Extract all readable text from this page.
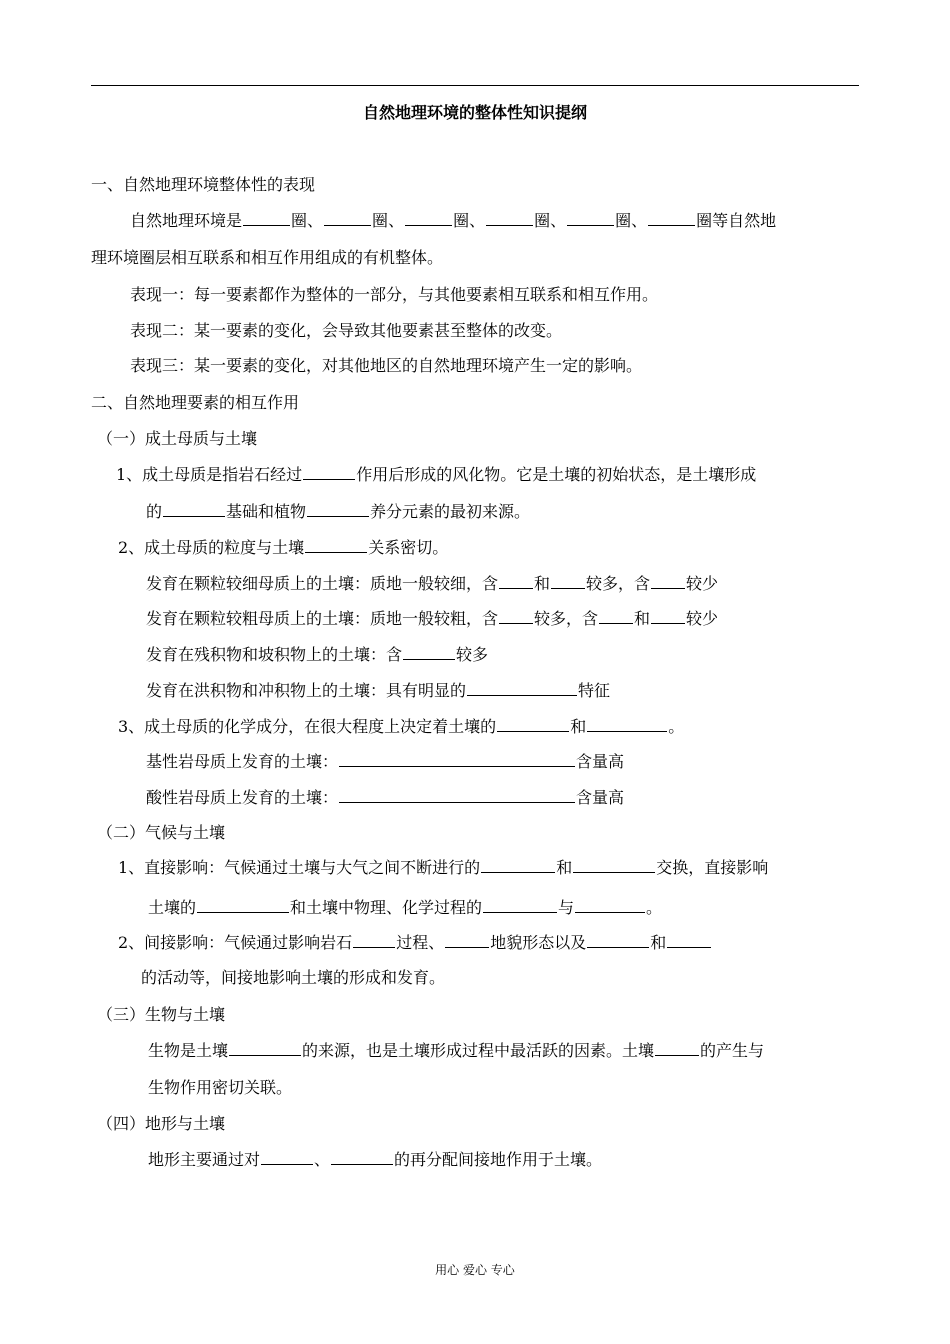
自然地理环境的整体性知识提纲
一、自然地理环境整体性的表现
自然地理环境是	圈、	圈、	圈、	圈、	圈、	圈等自然地
理环境圈层相互联系和相互作用组成的有机整体。
表现一：每一要素都作为整体的一部分，与其他要素相互联系和相互作用。
表现二：某一要素的变化，会导致其他要素甚至整体的改变。
表现三：某一要素的变化，对其他地区的自然地理环境产生一定的影响。
二、自然地理要素的相互作用
（一）成土母质与土壤
1、成土母质是指岩石经过	作用后形成的风化物。它是土壤的初始状态，是土壤形成
的	基础和植物	养分元素的最初来源。
2、成土母质的粒度与土壤	关系密切。
发育在颗粒较细母质上的土壤：质地一般较细，含 和 较多，含 较少
发育在颗粒较粗母质上的土壤：质地一般较粗，含 较多，含 和 较少
发育在残积物和坡积物上的土壤：含	较多
发育在洪积物和冲积物上的土壤：具有明显的	特征
3、成土母质的化学成分，在很大程度上决定着土壤的	和	。
基性岩母质上发育的土壤：	含量高
酸性岩母质上发育的土壤：	含量高
（二）气候与土壤
1、直接影响：气候通过土壤与大气之间不断进行的	和	交换，直接影响
土壤的	和土壤中物理、化学过程的	与	。
2、间接影响：气候通过影响岩石	过程、	地貌形态以及	和
的活动等，间接地影响土壤的形成和发育。
（三）生物与土壤
生物是土壤	的来源，也是土壤形成过程中最活跃的因素。土壤	的产生与
生物作用密切关联。
（四）地形与土壤
地形主要通过对	、	的再分配间接地作用于土壤。
用心 爱心 专心
